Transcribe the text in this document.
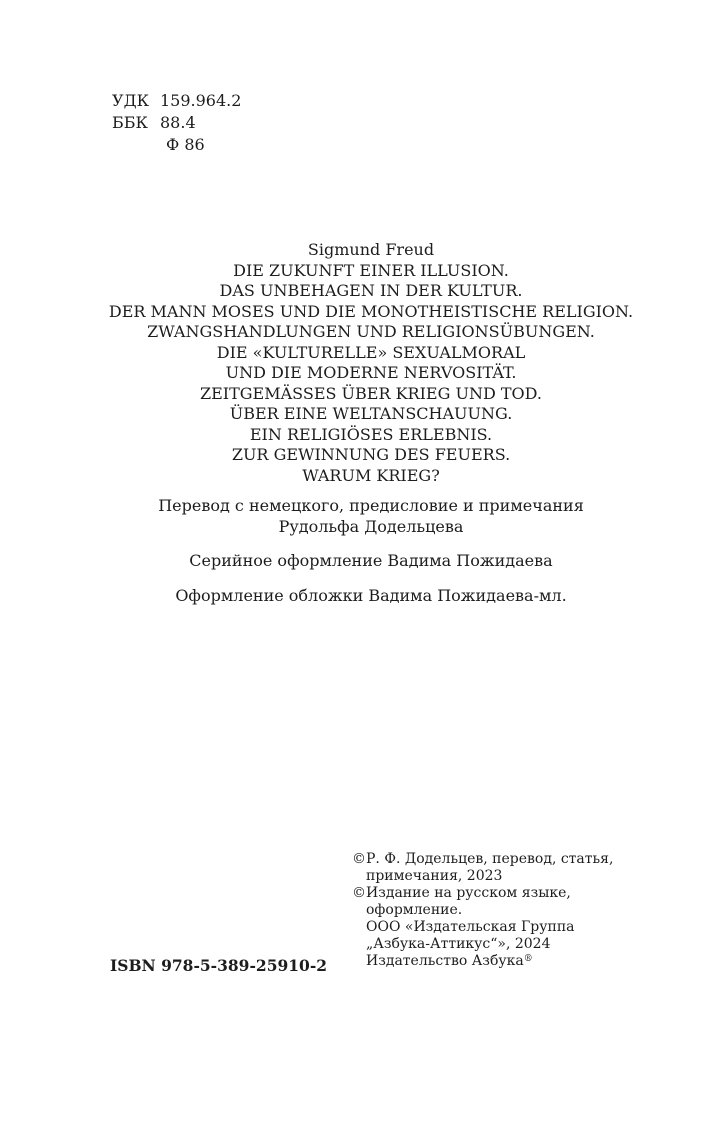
УДК 159.964.2
ББК 88.4
Ф 86
Sigmund Freud
DIE ZUKUNFT EINER ILLUSION.
DAS UNBEHAGEN IN DER KULTUR.
DER MANN MOSES UND DIE MONOTHEISTISCHE RELIGION.
ZWANGSHANDLUNGEN UND RELIGIONSÜBUNGEN.
DIE «KULTURELLE» SEXUALMORAL
UND DIE MODERNE NERVOSITÄT.
ZEITGEMÄSSES ÜBER KRIEG UND TOD.
ÜBER EINE WELTANSCHAUUNG.
EIN RELIGIÖSES ERLEBNIS.
ZUR GEWINNUNG DES FEUERS.
WARUM KRIEG?
Перевод с немецкого, предисловие и примечания
Рудольфа Додельцева
Серийное оформление Вадима Пожидаева
Оформление обложки Вадима Пожидаева-мл.
© Р. Ф. Додельцев, перевод, статья,
примечания, 2023
© Издание на русском языке,
оформление.
ООО «Издательская Группа
„Азбука-Аттикус“», 2024
Издательство Азбука®
ISBN 978-5-389-25910-2
